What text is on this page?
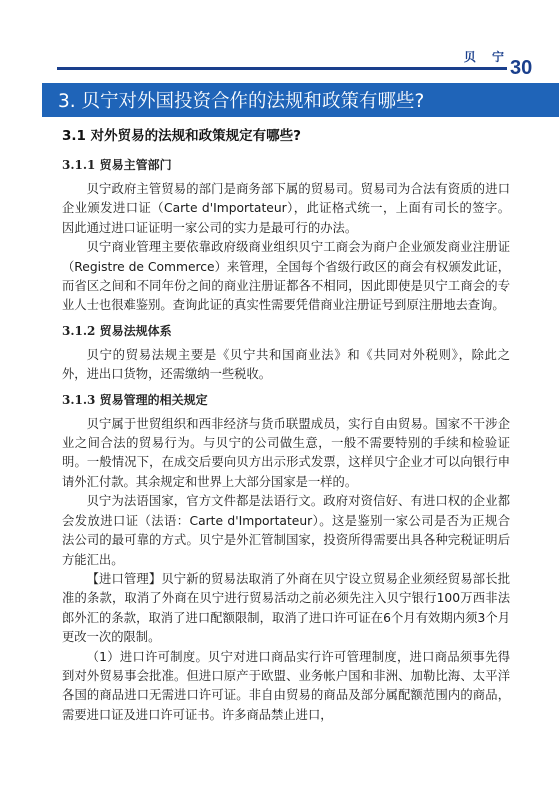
贝 宁 30
3. 贝宁对外国投资合作的法规和政策有哪些?
3.1 对外贸易的法规和政策规定有哪些?
3.1.1 贸易主管部门

贝宁政府主管贸易的部门是商务部下属的贸易司。贸易司为合法有资质的进口企业颁发进口证（Carte d'Importateur），此证格式统一，上面有司长的签字。因此通过进口证证明一家公司的实力是最可行的办法。

贝宁商业管理主要依靠政府级商业组织贝宁工商会为商户企业颁发商业注册证（Registre de Commerce）来管理，全国每个省级行政区的商会有权颁发此证，而省区之间和不同年份之间的商业注册证都各不相同，因此即使是贝宁工商会的专业人士也很难鉴别。查询此证的真实性需要凭借商业注册证号到原注册地去查询。

3.1.2 贸易法规体系

贝宁的贸易法规主要是《贝宁共和国商业法》和《共同对外税则》，除此之外，进出口货物，还需缴纳一些税收。

3.1.3 贸易管理的相关规定

贝宁属于世贸组织和西非经济与货币联盟成员，实行自由贸易。国家不干涉企业之间合法的贸易行为。与贝宁的公司做生意，一般不需要特别的手续和检验证明。一般情况下，在成交后要向贝方出示形式发票，这样贝宁企业才可以向银行申请外汇付款。其余规定和世界上大部分国家是一样的。

贝宁为法语国家，官方文件都是法语行文。政府对资信好、有进口权的企业都会发放进口证（法语：Carte d'Importateur）。这是鉴别一家公司是否为正规合法公司的最可靠的方式。贝宁是外汇管制国家，投资所得需要出具各种完税证明后方能汇出。

【进口管理】贝宁新的贸易法取消了外商在贝宁设立贸易企业须经贸易部长批准的条款，取消了外商在贝宁进行贸易活动之前必须先注入贝宁银行100万西非法郎外汇的条款，取消了进口配额限制，取消了进口许可证在6个月有效期内须3个月更改一次的限制。

（1）进口许可制度。贝宁对进口商品实行许可管理制度，进口商品须事先得到对外贸易事会批准。但进口原产于欧盟、业务帐户国和非洲、加勒比海、太平洋各国的商品进口无需进口许可证。非自由贸易的商品及部分属配额范围内的商品，需要进口证及进口许可证书。许多商品禁止进口，
